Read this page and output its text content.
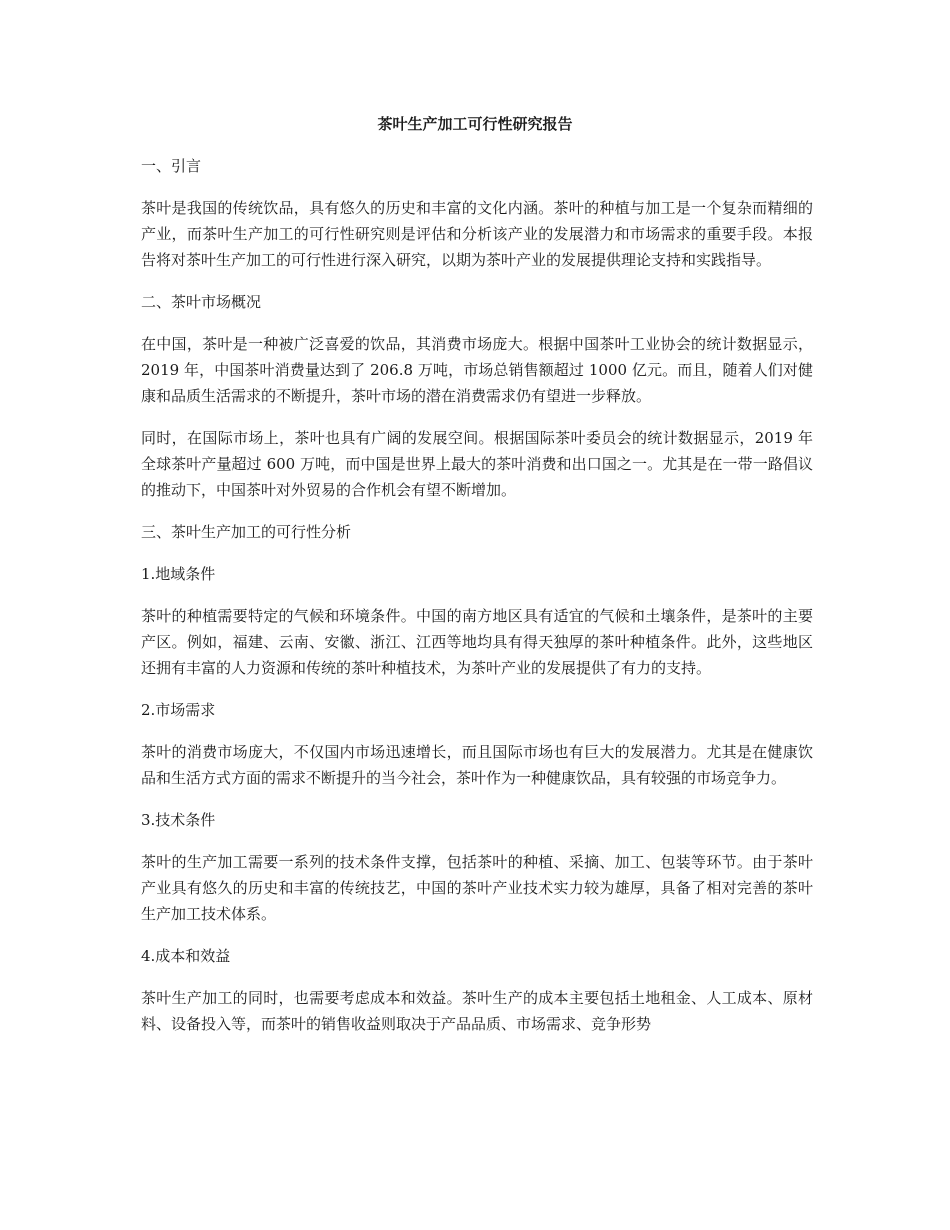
茶叶生产加工可行性研究报告
一、引言

茶叶是我国的传统饮品，具有悠久的历史和丰富的文化内涵。茶叶的种植与加工是一个复杂而精细的产业，而茶叶生产加工的可行性研究则是评估和分析该产业的发展潜力和市场需求的重要手段。本报告将对茶叶生产加工的可行性进行深入研究，以期为茶叶产业的发展提供理论支持和实践指导。

二、茶叶市场概况

在中国，茶叶是一种被广泛喜爱的饮品，其消费市场庞大。根据中国茶叶工业协会的统计数据显示，2019 年，中国茶叶消费量达到了 206.8 万吨，市场总销售额超过 1000 亿元。而且，随着人们对健康和品质生活需求的不断提升，茶叶市场的潜在消费需求仍有望进一步释放。

同时，在国际市场上，茶叶也具有广阔的发展空间。根据国际茶叶委员会的统计数据显示，2019 年全球茶叶产量超过 600 万吨，而中国是世界上最大的茶叶消费和出口国之一。尤其是在一带一路倡议的推动下，中国茶叶对外贸易的合作机会有望不断增加。

三、茶叶生产加工的可行性分析
1.地域条件

茶叶的种植需要特定的气候和环境条件。中国的南方地区具有适宜的气候和土壤条件，是茶叶的主要产区。例如，福建、云南、安徽、浙江、江西等地均具有得天独厚的茶叶种植条件。此外，这些地区还拥有丰富的人力资源和传统的茶叶种植技术，为茶叶产业的发展提供了有力的支持。

2.市场需求

茶叶的消费市场庞大，不仅国内市场迅速增长，而且国际市场也有巨大的发展潜力。尤其是在健康饮品和生活方式方面的需求不断提升的当今社会，茶叶作为一种健康饮品，具有较强的市场竞争力。

3.技术条件

茶叶的生产加工需要一系列的技术条件支撑，包括茶叶的种植、采摘、加工、包装等环节。由于茶叶产业具有悠久的历史和丰富的传统技艺，中国的茶叶产业技术实力较为雄厚，具备了相对完善的茶叶生产加工技术体系。

4.成本和效益

茶叶生产加工的同时，也需要考虑成本和效益。茶叶生产的成本主要包括土地租金、人工成本、原材料、设备投入等，而茶叶的销售收益则取决于产品品质、市场需求、竞争形势
